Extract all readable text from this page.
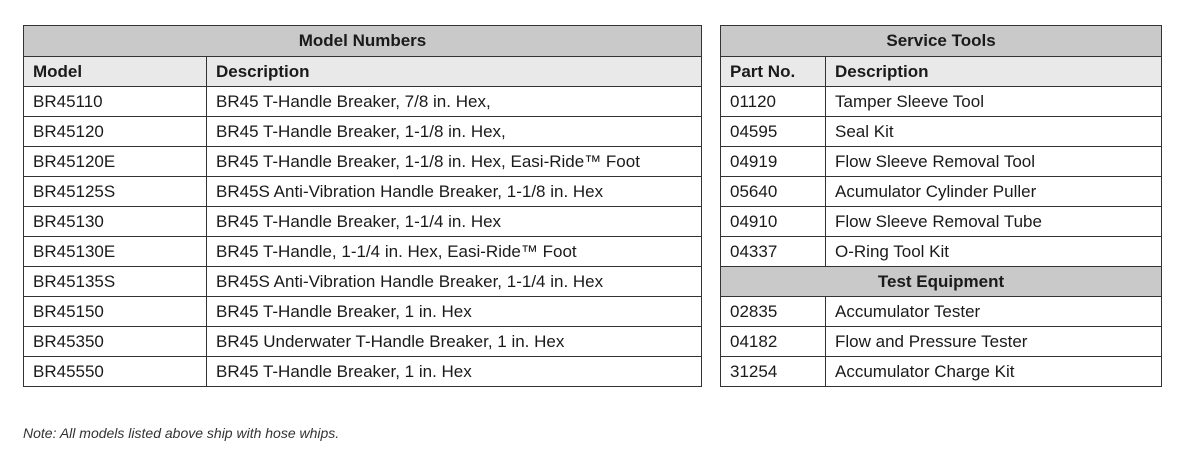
Model Numbers	
Model	Description
BR45110	BR45 T-Handle Breaker, 7/8 in. Hex,
BR45120	BR45 T-Handle Breaker, 1-1/8 in. Hex,
BR45120E	BR45 T-Handle Breaker, 1-1/8 in. Hex, Easi-Ride™ Foot
BR45125S	BR45S Anti-Vibration Handle Breaker, 1-1/8 in. Hex
BR45130	BR45 T-Handle Breaker, 1-1/4 in. Hex
BR45130E	BR45 T-Handle, 1-1/4 in. Hex, Easi-Ride™ Foot
BR45135S	BR45S Anti-Vibration Handle Breaker, 1-1/4 in. Hex
BR45150	BR45 T-Handle Breaker, 1 in. Hex
BR45350	BR45 Underwater T-Handle Breaker, 1 in. Hex
BR45550	BR45 T-Handle Breaker, 1 in. Hex
Service Tools	
Part No.	Description
01120	Tamper Sleeve Tool
04595	Seal Kit
04919	Flow Sleeve Removal Tool
05640	Acumulator Cylinder Puller
04910	Flow Sleeve Removal Tube
04337	O-Ring Tool Kit
Test Equipment	
02835	Accumulator Tester
04182	Flow and Pressure Tester
31254	Accumulator Charge Kit

Note: All models listed above ship with hose whips.
